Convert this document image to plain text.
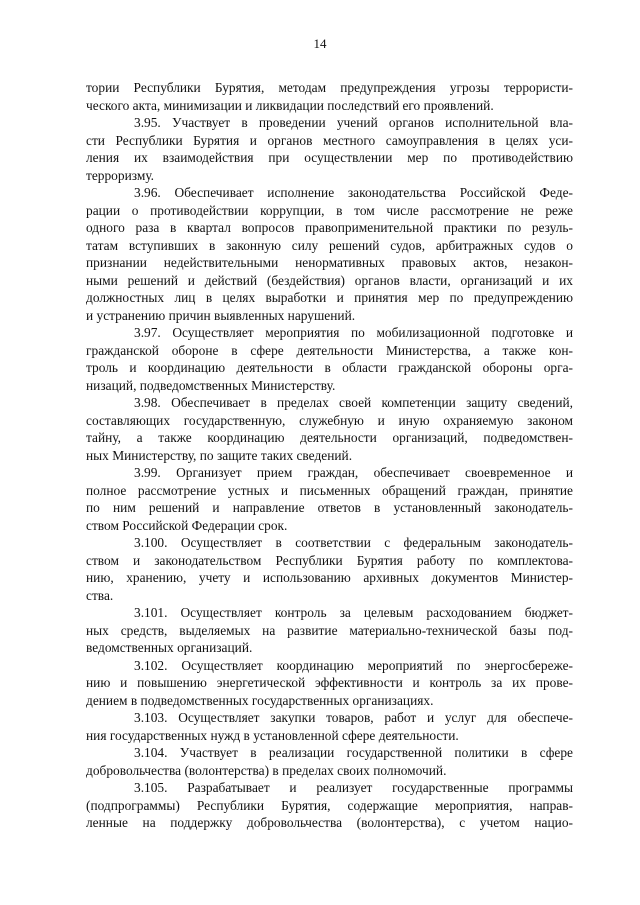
14
тории Республики Бурятия, методам предупреждения угрозы террористи-
ческого акта, минимизации и ликвидации последствий его проявлений.
3.95. Участвует в проведении учений органов исполнительной вла-
сти Республики Бурятия и органов местного самоуправления в целях уси-
ления их взаимодействия при осуществлении мер по противодействию
терроризму.
3.96. Обеспечивает исполнение законодательства Российской Феде-
рации о противодействии коррупции, в том числе рассмотрение не реже
одного раза в квартал вопросов правоприменительной практики по резуль-
татам вступивших в законную силу решений судов, арбитражных судов о
признании недействительными ненормативных правовых актов, незакон-
ными решений и действий (бездействия) органов власти, организаций и их
должностных лиц в целях выработки и принятия мер по предупреждению
и устранению причин выявленных нарушений.
3.97. Осуществляет мероприятия по мобилизационной подготовке и
гражданской обороне в сфере деятельности Министерства, а также кон-
троль и координацию деятельности в области гражданской обороны орга-
низаций, подведомственных Министерству.
3.98. Обеспечивает в пределах своей компетенции защиту сведений,
составляющих государственную, служебную и иную охраняемую законом
тайну, а также координацию деятельности организаций, подведомствен-
ных Министерству, по защите таких сведений.
3.99. Организует прием граждан, обеспечивает своевременное и
полное рассмотрение устных и письменных обращений граждан, принятие
по ним решений и направление ответов в установленный законодатель-
ством Российской Федерации срок.
3.100. Осуществляет в соответствии с федеральным законодатель-
ством и законодательством Республики Бурятия работу по комплектова-
нию, хранению, учету и использованию архивных документов Министер-
ства.
3.101. Осуществляет контроль за целевым расходованием бюджет-
ных средств, выделяемых на развитие материально-технической базы под-
ведомственных организаций.
3.102. Осуществляет координацию мероприятий по энергосбереже-
нию и повышению энергетической эффективности и контроль за их прове-
дением в подведомственных государственных организациях.
3.103. Осуществляет закупки товаров, работ и услуг для обеспече-
ния государственных нужд в установленной сфере деятельности.
3.104. Участвует в реализации государственной политики в сфере
добровольчества (волонтерства) в пределах своих полномочий.
3.105. Разрабатывает и реализует государственные программы
(подпрограммы) Республики Бурятия, содержащие мероприятия, направ-
ленные на поддержку добровольчества (волонтерства), с учетом нацио-
